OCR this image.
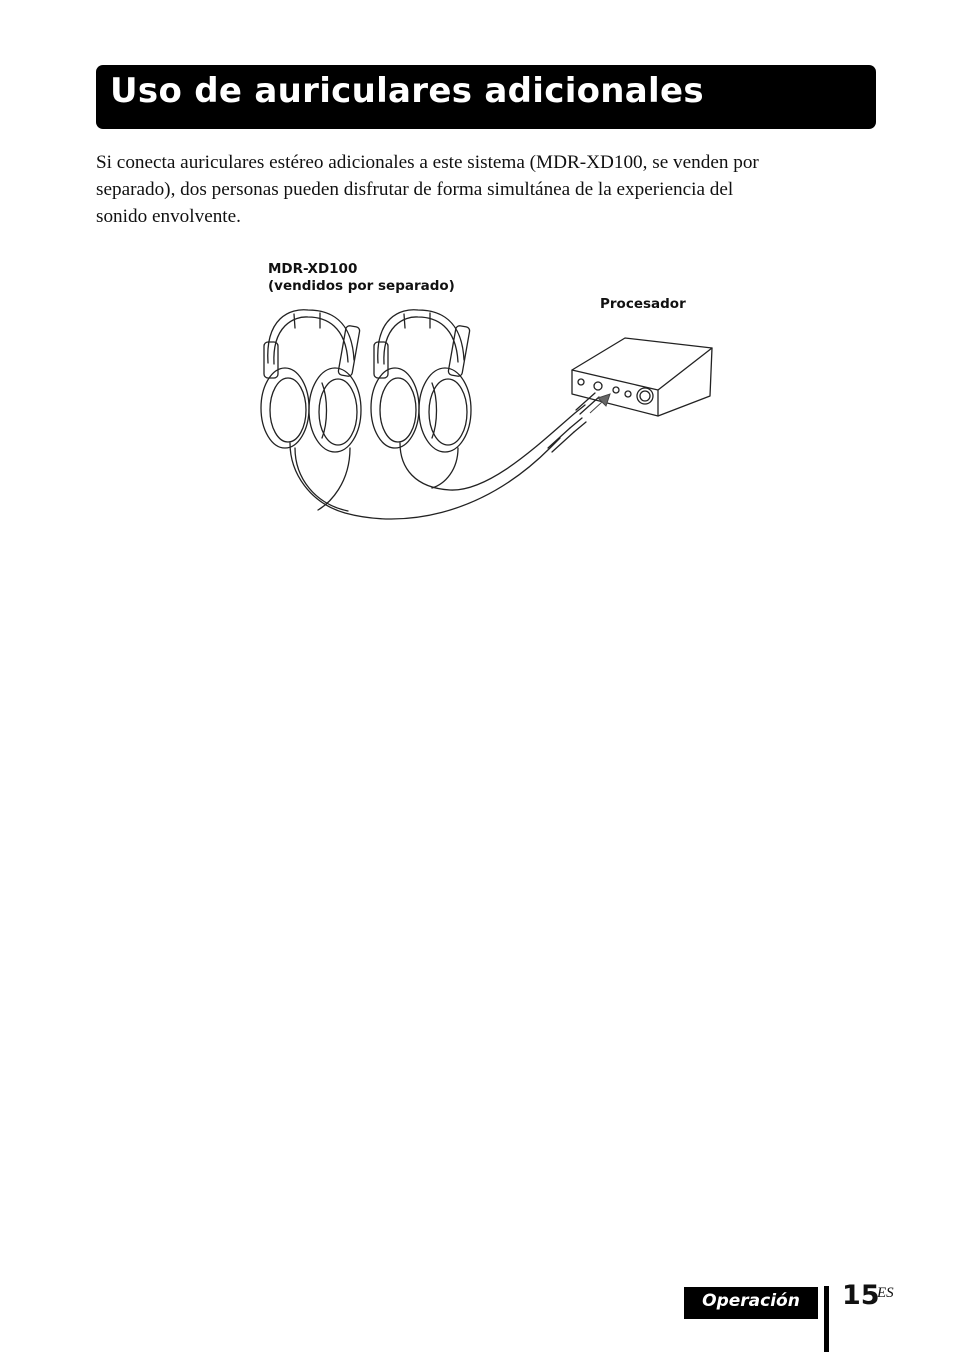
Uso de auriculares adicionales

Si conecta auriculares estéreo adicionales a este sistema (MDR-XD100, se venden por

separado), dos personas pueden disfrutar de forma simultánea de la experiencia del

sonido envolvente.

MDR-XD100
(vendidos por separado)
Procesador
Operación	15
ES
